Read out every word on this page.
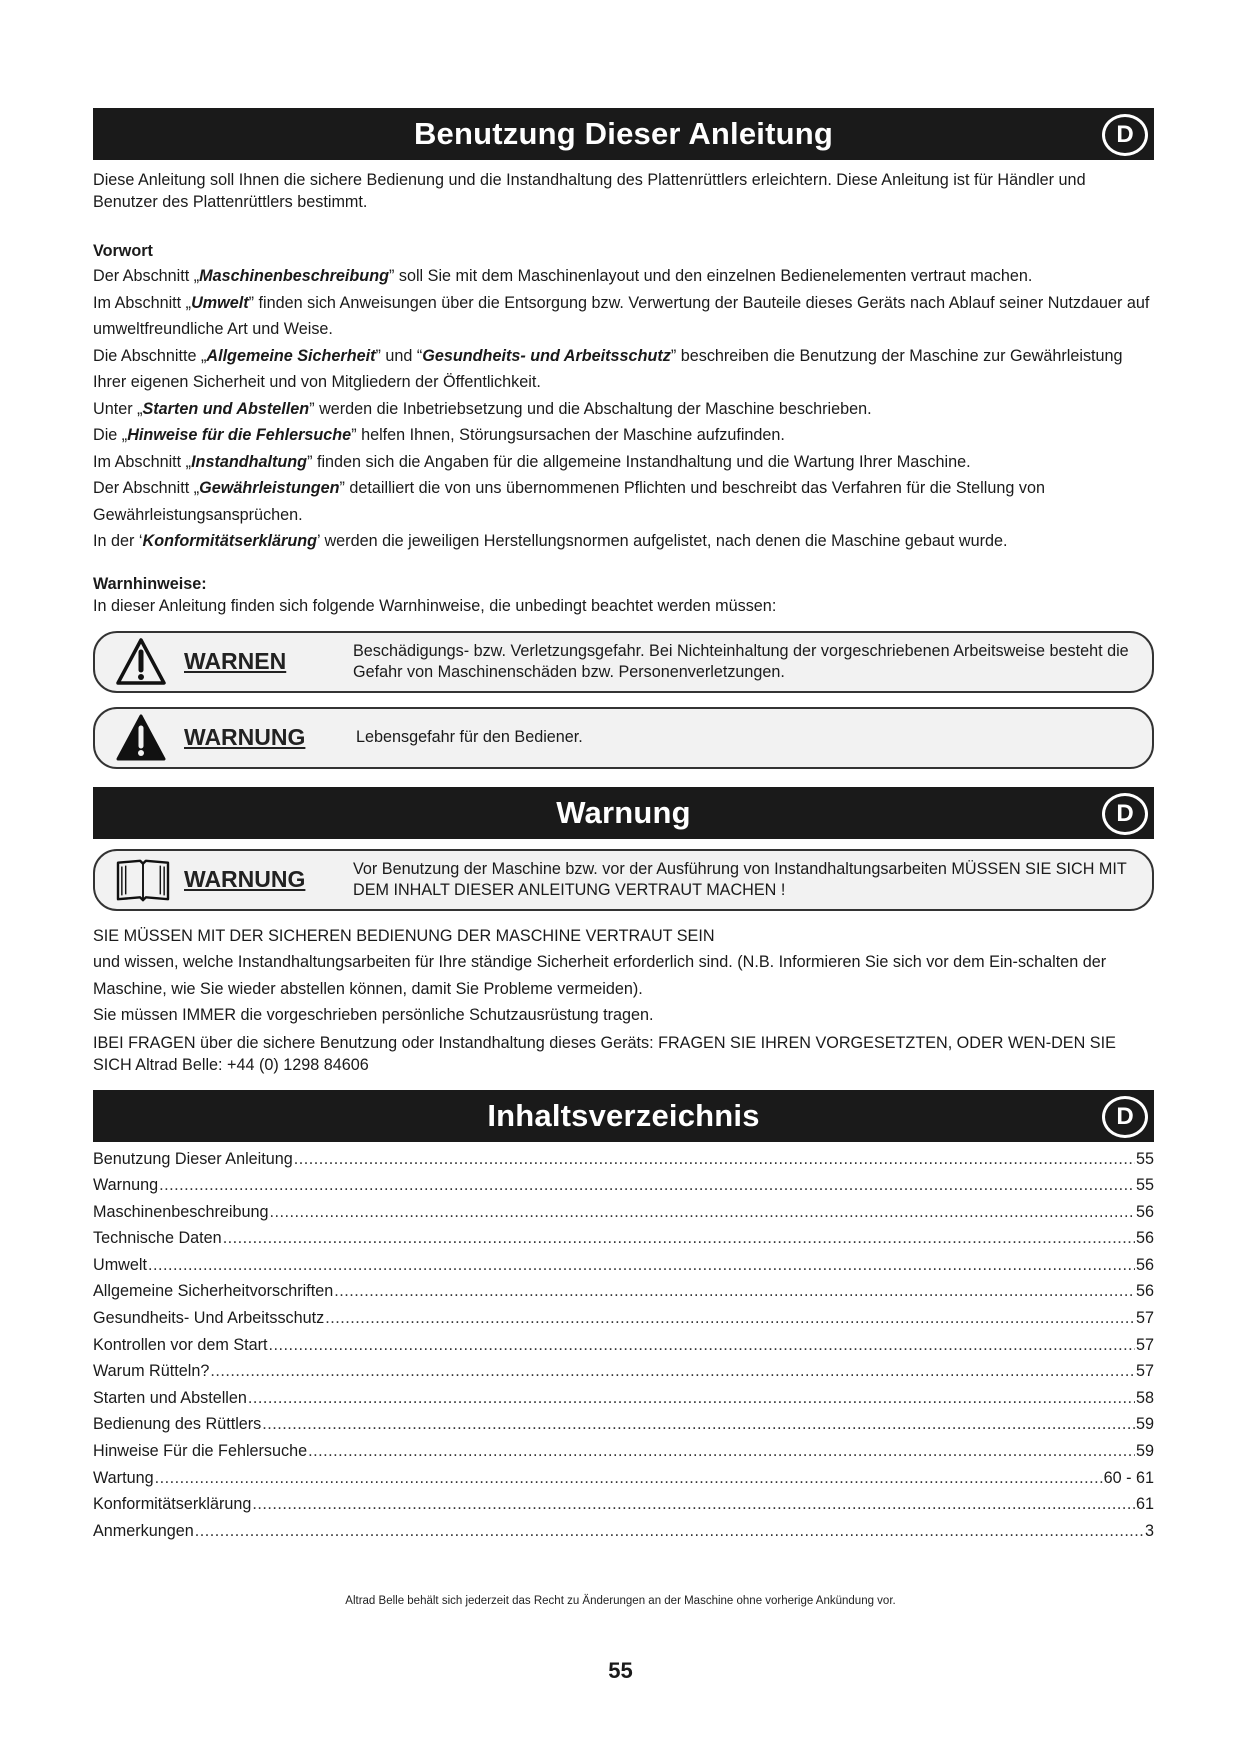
Benutzung Dieser Anleitung	D

Diese Anleitung soll Ihnen die sichere Bedienung und die Instandhaltung des Plattenrüttlers erleichtern. Diese Anleitung ist für Händler und Benutzer des Plattenrüttlers bestimmt.

Vorwort

Der Abschnitt „Maschinenbeschreibung” soll Sie mit dem Maschinenlayout und den einzelnen Bedienelementen vertraut machen.

Im Abschnitt „Umwelt” finden sich Anweisungen über die Entsorgung bzw. Verwertung der Bauteile dieses Geräts nach Ablauf seiner Nutzdauer auf umweltfreundliche Art und Weise.

Die Abschnitte „Allgemeine Sicherheit” und “Gesundheits- und Arbeitsschutz” beschreiben die Benutzung der Maschine zur Gewährleistung Ihrer eigenen Sicherheit und von Mitgliedern der Öffentlichkeit.

Unter „Starten und Abstellen” werden die Inbetriebsetzung und die Abschaltung der Maschine beschrieben.

Die „Hinweise für die Fehlersuche” helfen Ihnen, Störungsursachen der Maschine aufzufinden.

Im Abschnitt „Instandhaltung” finden sich die Angaben für die allgemeine Instandhaltung und die Wartung Ihrer Maschine.

Der Abschnitt „Gewährleistungen” detailliert die von uns übernommenen Pflichten und beschreibt das Verfahren für die Stellung von Gewährleistungsansprüchen.

In der ‘Konformitätserklärung’ werden die jeweiligen Herstellungsnormen aufgelistet, nach denen die Maschine gebaut wurde.

Warnhinweise:

In dieser Anleitung finden sich folgende Warnhinweise, die unbedingt beachtet werden müssen:

WARNEN	Beschädigungs- bzw. Verletzungsgefahr. Bei Nichteinhaltung der vorgeschriebenen Arbeitsweise besteht die Gefahr von Maschinenschäden bzw. Personenverletzungen.
WARNUNG	Lebensgefahr für den Bediener.
Warnung	D
WARNUNG	Vor Benutzung der Maschine bzw. vor der Ausführung von Instandhaltungsarbeiten MÜSSEN SIE SICH MIT DEM INHALT DIESER ANLEITUNG VERTRAUT MACHEN !

SIE MÜSSEN MIT DER SICHEREN BEDIENUNG DER MASCHINE VERTRAUT SEIN

und wissen, welche Instandhaltungsarbeiten für Ihre ständige Sicherheit erforderlich sind. (N.B. Informieren Sie sich vor dem Ein-schalten der Maschine, wie Sie wieder abstellen können, damit Sie Probleme vermeiden).

Sie müssen IMMER die vorgeschrieben persönliche Schutzausrüstung tragen.

IBEI FRAGEN über die sichere Benutzung oder Instandhaltung dieses Geräts: FRAGEN SIE IHREN VORGESETZTEN, ODER WEN-DEN SIE SICH Altrad Belle: +44 (0) 1298 84606

Inhaltsverzeichnis	D
Benutzung Dieser Anleitung .....	55
Warnung .....	55
Maschinenbeschreibung .....	56
Technische Daten .....	56
Umwelt .....	56
Allgemeine Sicherheitvorschriften .....	56
Gesundheits- Und Arbeitsschutz .....	57
Kontrollen vor dem Start .....	57
Warum Rütteln? .....	57
Starten und Abstellen .....	58
Bedienung des Rüttlers .....	59
Hinweise Für die Fehlersuche .....	59
Wartung .....	60 - 61
Konformitätserklärung .....	61
Anmerkungen .....	3
Altrad Belle behält sich jederzeit das Recht zu Änderungen an der Maschine ohne vorherige Ankündung vor.
55
